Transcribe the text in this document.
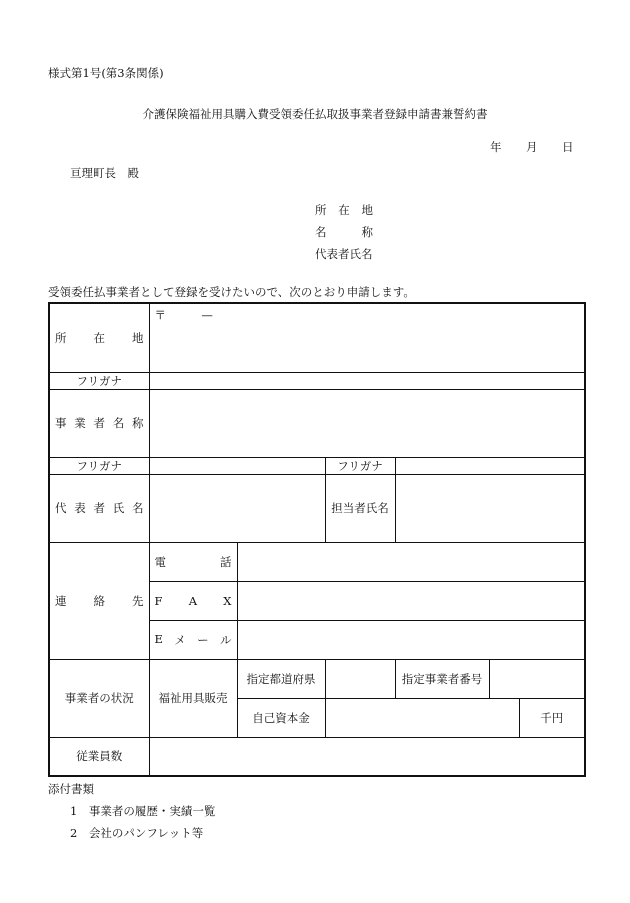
様式第1号(第3条関係)
介護保険福祉用具購入費受領委任払取扱事業者登録申請書兼誓約書
年 月 日
亘理町長　殿
所 在 地
名	称
代表者氏名
受領委任払事業者として登録を受けたいので、次のとおり申請します。
所 在 地	〒 —					
フリガナ						

事 業 者 名 称						

フリガナ			フリガナ			

代 表 者 氏 名			担当者氏名			

連 絡 先	電 話					

	F A X					

	E メ ー ル					

事業者の状況	福祉用具販売	指定都道府県		指定事業者番号		
		自己資本金				千円
従業員数						
添付書類
1　事業者の履歴・実績一覧
2　会社のパンフレット等
